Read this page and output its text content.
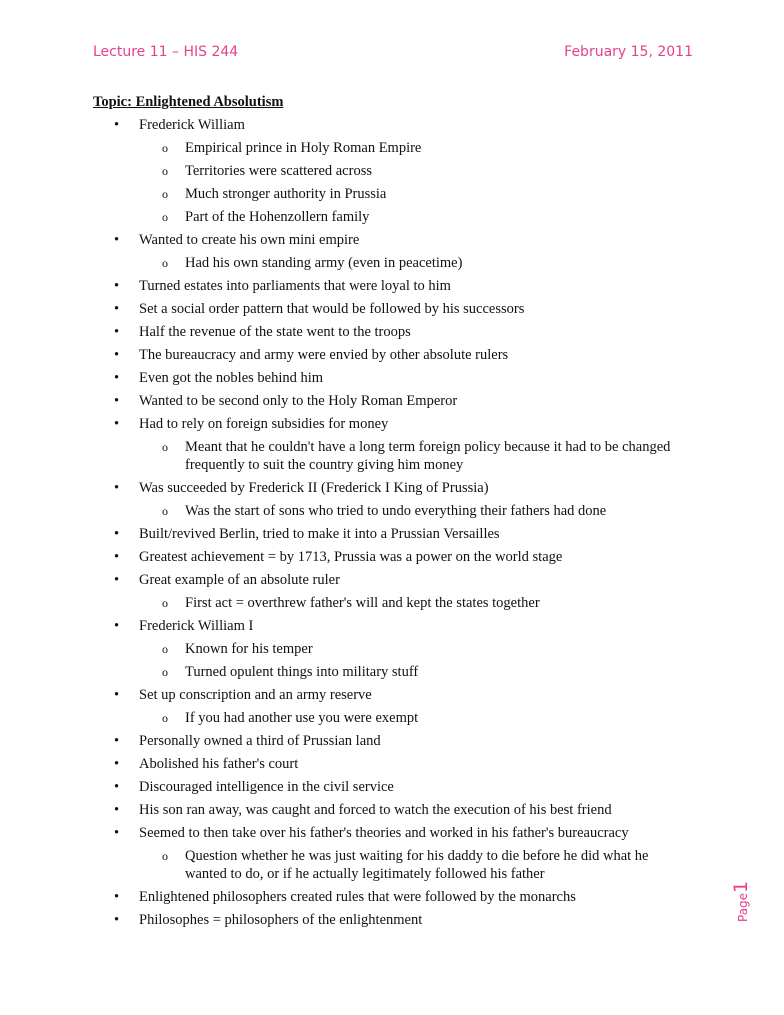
Lecture 11 – HIS 244	February 15, 2011
Topic: Enlightened Absolutism
• Frederick William
o Empirical prince in Holy Roman Empire
o Territories were scattered across
o Much stronger authority in Prussia
o Part of the Hohenzollern family
• Wanted to create his own mini empire
o Had his own standing army (even in peacetime)
• Turned estates into parliaments that were loyal to him
• Set a social order pattern that would be followed by his successors
• Half the revenue of the state went to the troops
• The bureaucracy and army were envied by other absolute rulers
• Even got the nobles behind him
• Wanted to be second only to the Holy Roman Emperor
• Had to rely on foreign subsidies for money
o Meant that he couldn't have a long term foreign policy because it had to be changed frequently to suit the country giving him money
• Was succeeded by Frederick II (Frederick I King of Prussia)
o Was the start of sons who tried to undo everything their fathers had done
• Built/revived Berlin, tried to make it into a Prussian Versailles
• Greatest achievement = by 1713, Prussia was a power on the world stage
• Great example of an absolute ruler
o First act = overthrew father's will and kept the states together
• Frederick William I
o Known for his temper
o Turned opulent things into military stuff
• Set up conscription and an army reserve
o If you had another use you were exempt
• Personally owned a third of Prussian land
• Abolished his father's court
• Discouraged intelligence in the civil service
• His son ran away, was caught and forced to watch the execution of his best friend
• Seemed to then take over his father's theories and worked in his father's bureaucracy
o Question whether he was just waiting for his daddy to die before he did what he wanted to do, or if he actually legitimately followed his father
• Enlightened philosophers created rules that were followed by the monarchs
• Philosophes = philosophers of the enlightenment	Page1
